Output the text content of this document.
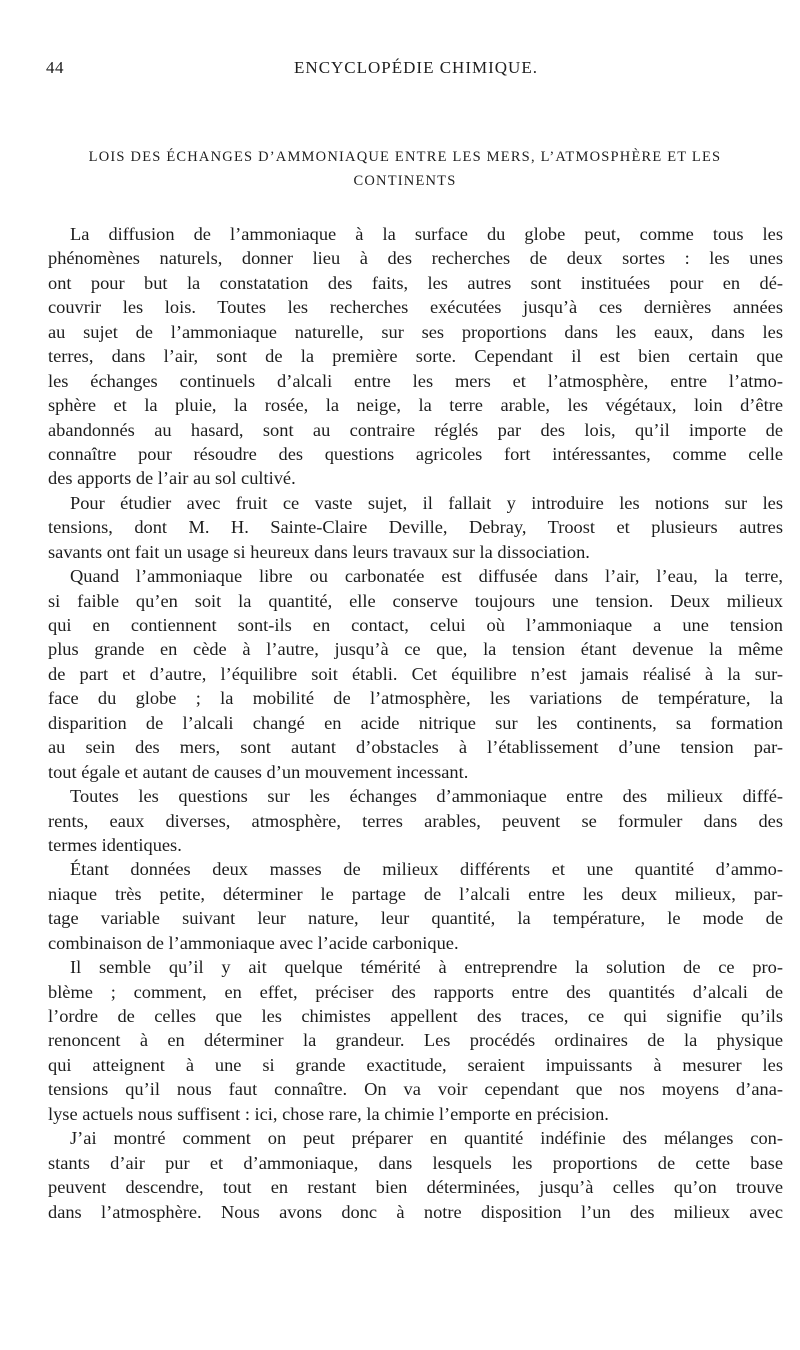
44	ENCYCLOPÉDIE CHIMIQUE.
LOIS DES ÉCHANGES D’AMMONIAQUE ENTRE LES MERS, L’ATMOSPHÈRE ET LES
CONTINENTS
La diffusion de l’ammoniaque à la surface du globe peut, comme tous les
phénomènes naturels, donner lieu à des recherches de deux sortes : les unes
ont pour but la constatation des faits, les autres sont instituées pour en dé-
couvrir les lois. Toutes les recherches exécutées jusqu’à ces dernières années
au sujet de l’ammoniaque naturelle, sur ses proportions dans les eaux, dans les
terres, dans l’air, sont de la première sorte. Cependant il est bien certain que
les échanges continuels d’alcali entre les mers et l’atmosphère, entre l’atmo-
sphère et la pluie, la rosée, la neige, la terre arable, les végétaux, loin d’être
abandonnés au hasard, sont au contraire réglés par des lois, qu’il importe de
connaître pour résoudre des questions agricoles fort intéressantes, comme celle
des apports de l’air au sol cultivé.
Pour étudier avec fruit ce vaste sujet, il fallait y introduire les notions sur les
tensions, dont M. H. Sainte-Claire Deville, Debray, Troost et plusieurs autres
savants ont fait un usage si heureux dans leurs travaux sur la dissociation.
Quand l’ammoniaque libre ou carbonatée est diffusée dans l’air, l’eau, la terre,
si faible qu’en soit la quantité, elle conserve toujours une tension. Deux milieux
qui en contiennent sont-ils en contact, celui où l’ammoniaque a une tension
plus grande en cède à l’autre, jusqu’à ce que, la tension étant devenue la même
de part et d’autre, l’équilibre soit établi. Cet équilibre n’est jamais réalisé à la sur-
face du globe ; la mobilité de l’atmosphère, les variations de température, la
disparition de l’alcali changé en acide nitrique sur les continents, sa formation
au sein des mers, sont autant d’obstacles à l’établissement d’une tension par-
tout égale et autant de causes d’un mouvement incessant.
Toutes les questions sur les échanges d’ammoniaque entre des milieux diffé-
rents, eaux diverses, atmosphère, terres arables, peuvent se formuler dans des
termes identiques.
Étant données deux masses de milieux différents et une quantité d’ammo-
niaque très petite, déterminer le partage de l’alcali entre les deux milieux, par-
tage variable suivant leur nature, leur quantité, la température, le mode de
combinaison de l’ammoniaque avec l’acide carbonique.
Il semble qu’il y ait quelque témérité à entreprendre la solution de ce pro-
blème ; comment, en effet, préciser des rapports entre des quantités d’alcali de
l’ordre de celles que les chimistes appellent des traces, ce qui signifie qu’ils
renoncent à en déterminer la grandeur. Les procédés ordinaires de la physique
qui atteignent à une si grande exactitude, seraient impuissants à mesurer les
tensions qu’il nous faut connaître. On va voir cependant que nos moyens d’ana-
lyse actuels nous suffisent : ici, chose rare, la chimie l’emporte en précision.
J’ai montré comment on peut préparer en quantité indéfinie des mélanges con-
stants d’air pur et d’ammoniaque, dans lesquels les proportions de cette base
peuvent descendre, tout en restant bien déterminées, jusqu’à celles qu’on trouve
dans l’atmosphère. Nous avons donc à notre disposition l’un des milieux avec
